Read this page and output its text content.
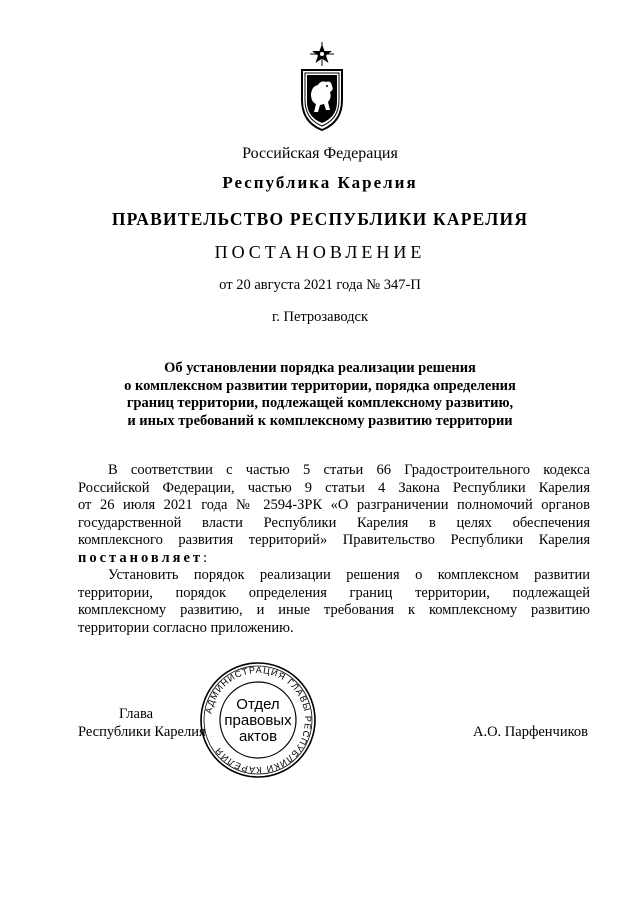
Российская Федерация
Республика Карелия
ПРАВИТЕЛЬСТВО РЕСПУБЛИКИ КАРЕЛИЯ
ПОСТАНОВЛЕНИЕ
от 20 августа 2021 года № 347-П
г. Петрозаводск
Об установлении порядка реализации решения
о комплексном развитии территории, порядка определения
границ территории, подлежащей комплексному развитию,
и иных требований к комплексному развитию территории
В соответствии с частью 5 статьи 66 Градостроительного кодекса
Российской Федерации, частью 9 статьи 4 Закона Республики Карелия
от 26 июля 2021 года № 2594-ЗРК «О разграничении полномочий органов
государственной власти Республики Карелия в целях обеспечения
комплексного развития территорий» Правительство Республики Карелия
постановляет:
Установить порядок реализации решения о комплексном развитии
территории, порядок определения границ территории, подлежащей
комплексному развитию, и иные требования к комплексному развитию
территории согласно приложению.
Глава
Республики Карелия	А.О. Парфенчиков
АДМИНИСТРАЦИЯ ГЛАВЫ РЕСПУБЛИКИ КАРЕЛИЯ
Отдел
правовых
актов
